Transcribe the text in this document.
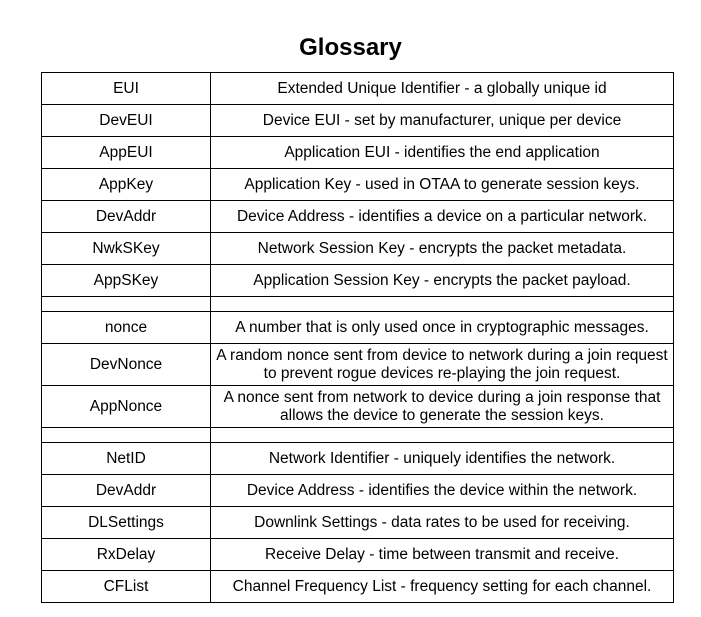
Glossary
EUI	Extended Unique Identifier - a globally unique id
DevEUI	Device EUI - set by manufacturer, unique per device
AppEUI	Application EUI - identifies the end application
AppKey	Application Key - used in OTAA to generate session keys.
DevAddr	Device Address - identifies a device on a particular network.
NwkSKey	Network Session Key - encrypts the packet metadata.
AppSKey	Application Session Key - encrypts the packet payload.

nonce	A number that is only used once in cryptographic messages.
DevNonce	A random nonce sent from device to network during a join request to prevent rogue devices re-playing the join request.
AppNonce	A nonce sent from network to device during a join response that allows the device to generate the session keys.

NetID	Network Identifier - uniquely identifies the network.
DevAddr	Device Address - identifies the device within the network.
DLSettings	Downlink Settings - data rates to be used for receiving.
RxDelay	Receive Delay - time between transmit and receive.
CFList	Channel Frequency List - frequency setting for each channel.
